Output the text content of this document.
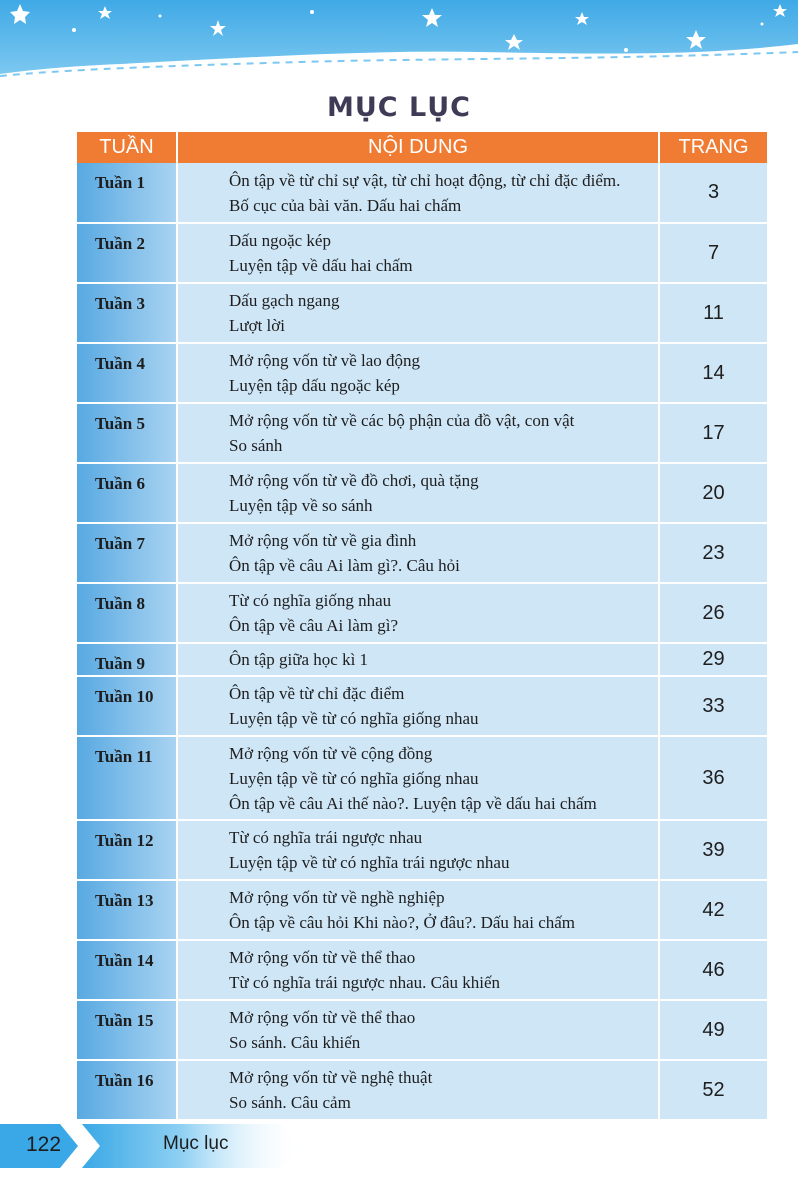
MỤC LỤC
TUẦN	NỘI DUNG	TRANG
Tuần 1	Ôn tập về từ chỉ sự vật, từ chỉ hoạt động, từ chỉ đặc điểm.
Bố cục của bài văn. Dấu hai chấm	3
Tuần 2	Dấu ngoặc kép
Luyện tập về dấu hai chấm	7
Tuần 3	Dấu gạch ngang
Lượt lời	11
Tuần 4	Mở rộng vốn từ về lao động
Luyện tập dấu ngoặc kép	14
Tuần 5	Mở rộng vốn từ về các bộ phận của đồ vật, con vật
So sánh	17
Tuần 6	Mở rộng vốn từ về đồ chơi, quà tặng
Luyện tập về so sánh	20
Tuần 7	Mở rộng vốn từ về gia đình
Ôn tập về câu Ai làm gì?. Câu hỏi	23
Tuần 8	Từ có nghĩa giống nhau
Ôn tập về câu Ai làm gì?	26
Tuần 9	Ôn tập giữa học kì 1	29
Tuần 10	Ôn tập về từ chỉ đặc điểm
Luyện tập về từ có nghĩa giống nhau	33
Tuần 11	Mở rộng vốn từ về cộng đồng
Luyện tập về từ có nghĩa giống nhau
Ôn tập về câu Ai thế nào?. Luyện tập về dấu hai chấm	36
Tuần 12	Từ có nghĩa trái ngược nhau
Luyện tập về từ có nghĩa trái ngược nhau	39
Tuần 13	Mở rộng vốn từ về nghề nghiệp
Ôn tập về câu hỏi Khi nào?, Ở đâu?. Dấu hai chấm	42
Tuần 14	Mở rộng vốn từ về thể thao
Từ có nghĩa trái ngược nhau. Câu khiến	46
Tuần 15	Mở rộng vốn từ về thể thao
So sánh. Câu khiến	49
Tuần 16	Mở rộng vốn từ về nghệ thuật
So sánh. Câu cảm	52
122	Mục lục
